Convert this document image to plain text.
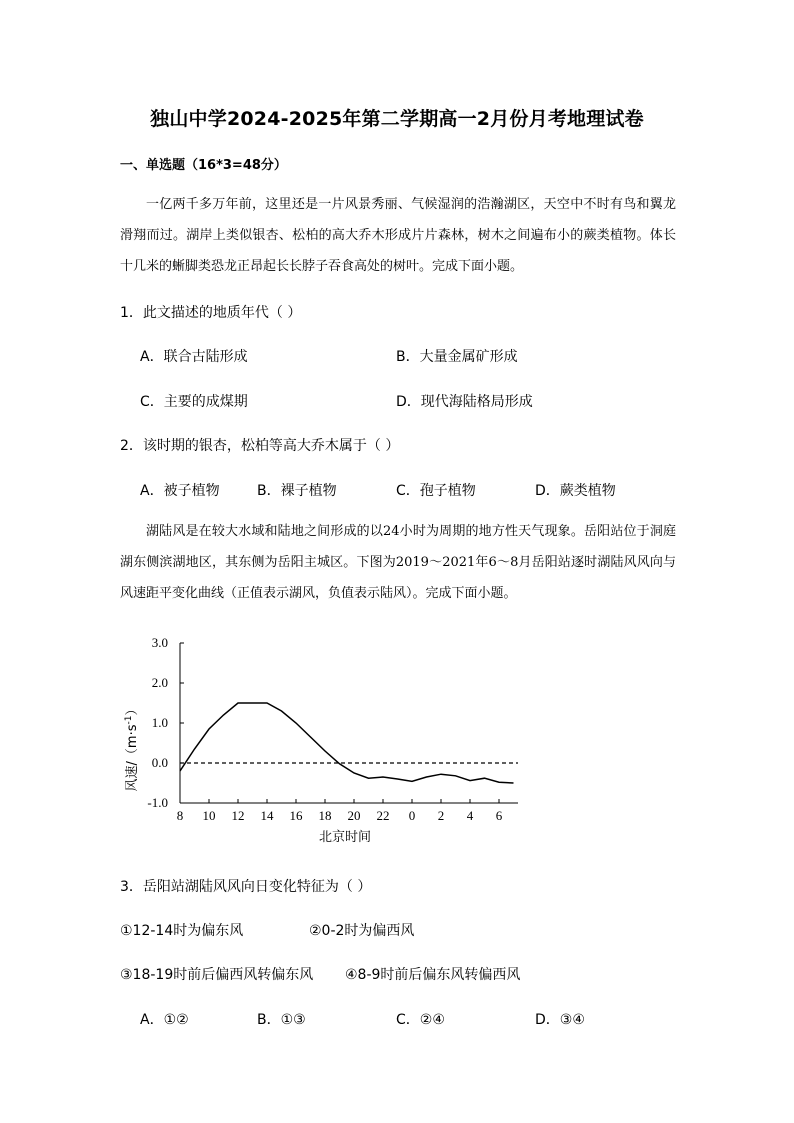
独山中学2024-2025年第二学期高一2月份月考地理试卷
一、单选题（16*3=48分）
一亿两千多万年前，这里还是一片风景秀丽、气候湿润的浩瀚湖区，天空中不时有鸟和翼龙滑翔而过。湖岸上类似银杏、松柏的高大乔木形成片片森林，树木之间遍布小的蕨类植物。体长十几米的蜥脚类恐龙正昂起长长脖子吞食高处的树叶。完成下面小题。
1．此文描述的地质年代（ ）
A．联合古陆形成	B．大量金属矿形成
C．主要的成煤期	D．现代海陆格局形成
2．该时期的银杏，松柏等高大乔木属于（ ）
A．被子植物	B．裸子植物	C．孢子植物	D．蕨类植物
湖陆风是在较大水域和陆地之间形成的以24小时为周期的地方性天气现象。岳阳站位于洞庭湖东侧滨湖地区，其东侧为岳阳主城区。下图为2019～2021年6～8月岳阳站逐时湖陆风风向与风速距平变化曲线（正值表示湖风，负值表示陆风）。完成下面小题。
风速$/(m\cdot s^{-1})$
3.0
2.0
1.0
0.0
-1.0
8 10 12 14 16 18 20 22 0 2 4 6
北京时间
3．岳阳站湖陆风风向日变化特征为（ ）
①12-14时为偏东风	②0-2时为偏西风
③18-19时前后偏西风转偏东风 ④8-9时前后偏东风转偏西风
A．①②	B．①③	C．②④	D．③④
